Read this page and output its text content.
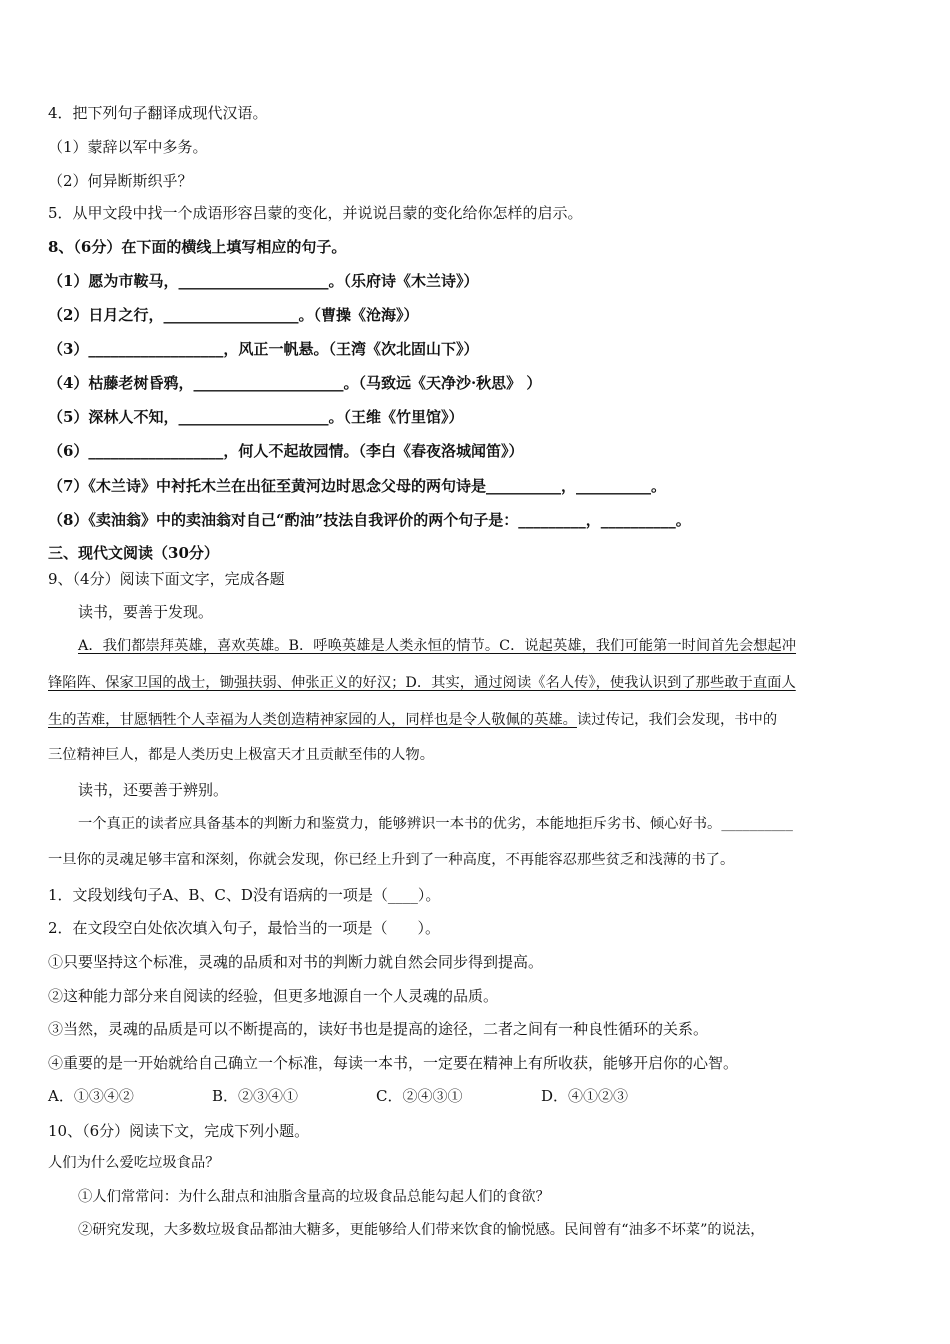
4．把下列句子翻译成现代汉语。
（1）蒙辞以军中多务。
（2）何异断斯织乎？
5．从甲文段中找一个成语形容吕蒙的变化，并说说吕蒙的变化给你怎样的启示。
8、（6分）在下面的横线上填写相应的句子。
（1）愿为市鞍马，____________________。（乐府诗《木兰诗》）
（2）日月之行，__________________。（曹操《沧海》）
（3）__________________，风正一帆悬。（王湾《次北固山下》）
（4）枯藤老树昏鸦，____________________。（马致远《天净沙·秋思》 ）
（5）深林人不知，____________________。（王维《竹里馆》）
（6）__________________，何人不起故园情。（李白《春夜洛城闻笛》）
（7）《木兰诗》中衬托木兰在出征至黄河边时思念父母的两句诗是__________，__________。
（8）《卖油翁》中的卖油翁对自己“酌油”技法自我评价的两个句子是：_________，__________。
三、现代文阅读（30分）
9、（4分）阅读下面文字，完成各题
读书，要善于发现。
A．我们都崇拜英雄，喜欢英雄。B．呼唤英雄是人类永恒的情节。C．说起英雄，我们可能第一时间首先会想起冲
锋陷阵、保家卫国的战士，锄强扶弱、伸张正义的好汉；D．其实，通过阅读《名人传》，使我认识到了那些敢于直面人
生的苦难，甘愿牺牲个人幸福为人类创造精神家园的人，同样也是令人敬佩的英雄。读过传记，我们会发现，书中的
三位精神巨人，都是人类历史上极富天才且贡献至伟的人物。
读书，还要善于辨别。
一个真正的读者应具备基本的判断力和鉴赏力，能够辨识一本书的优劣，本能地拒斥劣书、倾心好书。__________
一旦你的灵魂足够丰富和深刻，你就会发现，你已经上升到了一种高度，不再能容忍那些贫乏和浅薄的书了。
1．文段划线句子A、B、C、D没有语病的一项是（____）。
2．在文段空白处依次填入句子，最恰当的一项是（　　）。
①只要坚持这个标准，灵魂的品质和对书的判断力就自然会同步得到提高。
②这种能力部分来自阅读的经验，但更多地源自一个人灵魂的品质。
③当然，灵魂的品质是可以不断提高的，读好书也是提高的途径，二者之间有一种良性循环的关系。
④重要的是一开始就给自己确立一个标准，每读一本书，一定要在精神上有所收获，能够开启你的心智。
A．①③④②	B．②③④①	C．②④③①	D．④①②③
10、（6分）阅读下文，完成下列小题。
人们为什么爱吃垃圾食品？
①人们常常问：为什么甜点和油脂含量高的垃圾食品总能勾起人们的食欲？
②研究发现，大多数垃圾食品都油大糖多，更能够给人们带来饮食的愉悦感。民间曾有“油多不坏菜”的说法，
